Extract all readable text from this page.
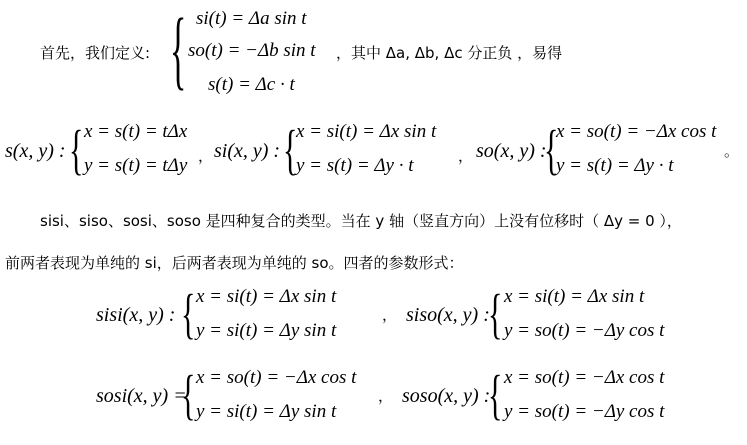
首先，我们定义: { si(t) = Δa sin t
so(t) = −Δb sin t
s(t) = Δc · t
，其中 Δa, Δb, Δc 分正负 ，易得
s(x, y) : { x = s(t) = tΔx
y = s(t) = tΔy ， si(x, y) : {
x = si(t) = Δx sin t
y = s(t) = Δy · t	， so(x, y) :
{
x = so(t) = −Δx cos t
y = s(t) = Δy · t
。
sisi、siso、sosi、soso 是四种复合的类型。当在 y 轴（竖直方向）上没有位移时（ Δy = 0 ），
前两者表现为单纯的 si，后两者表现为单纯的 so。四者的参数形式：
sisi(x, y) : { x = si(t) = Δx sin t
y = si(t) = Δy sin t
， siso(x, y) :
{ x = si(t) = Δx sin t
y = so(t) = −Δy cos t
sosi(x, y) =
{ x = so(t) = −Δx cos t
y = si(t) = Δy sin t
， soso(x, y) :
{ x = so(t) = −Δx cos t
y = so(t) = −Δy cos t
